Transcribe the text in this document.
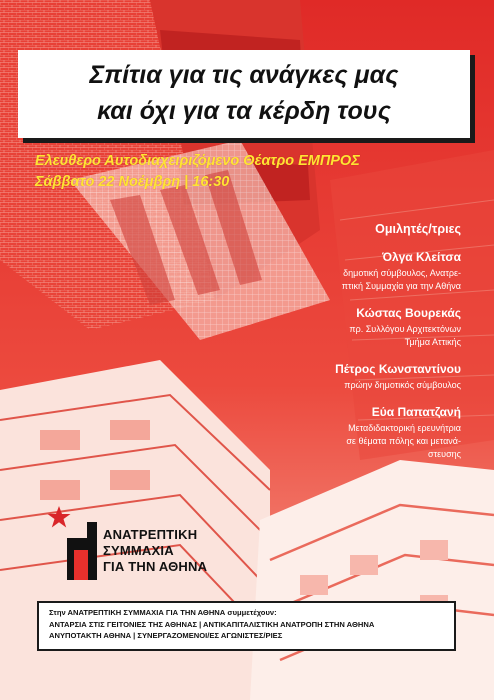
Σπίτια για τις ανάγκες μας
και όχι για τα κέρδη τους
Ελευθερο Αυτοδιαχειριζόμενο Θέατρο ΕΜΠΡΟΣ
Σάββατο 22 Νοέμβρη | 16:30
Ομιλητές/τριες
Όλγα Κλείτσα
δημοτική σύμβουλος, Ανατρε-
πτική Συμμαχία για την Αθήνα
Κώστας Βουρεκάς
πρ. Συλλόγου Αρχιτεκτόνων
Τμήμα Αττικής
Πέτρος Κωνσταντίνου
πρώην δημοτικός σύμβουλος
Εύα Παπατζανή
Μεταδιδακτορική ερευνήτρια
σε θέματα πόλης και μετανά-
στευσης
ΑΝΑΤΡΕΠΤΙΚΗ
ΣΥΜΜΑΧΙΑ
ΓΙΑ ΤΗΝ ΑΘΗΝΑ
Στην ΑΝΑΤΡΕΠΤΙΚΗ ΣΥΜΜΑΧΙΑ ΓΙΑ ΤΗΝ ΑΘΗΝΑ συμμετέχουν:
ΑΝΤΑΡΣΙΑ ΣΤΙΣ ΓΕΙΤΟΝΙΕΣ ΤΗΣ ΑΘΗΝΑΣ | ΑΝΤΙΚΑΠΙΤΑΛΙΣΤΙΚΗ ΑΝΑΤΡΟΠΗ ΣΤΗΝ ΑΘΗΝΑ
ΑΝΥΠΟΤΑΚΤΗ ΑΘΗΝΑ | ΣΥΝΕΡΓΑΖΟΜΕΝΟΙ/ΕΣ ΑΓΩΝΙΣΤΕΣ/ΡΙΕΣ
